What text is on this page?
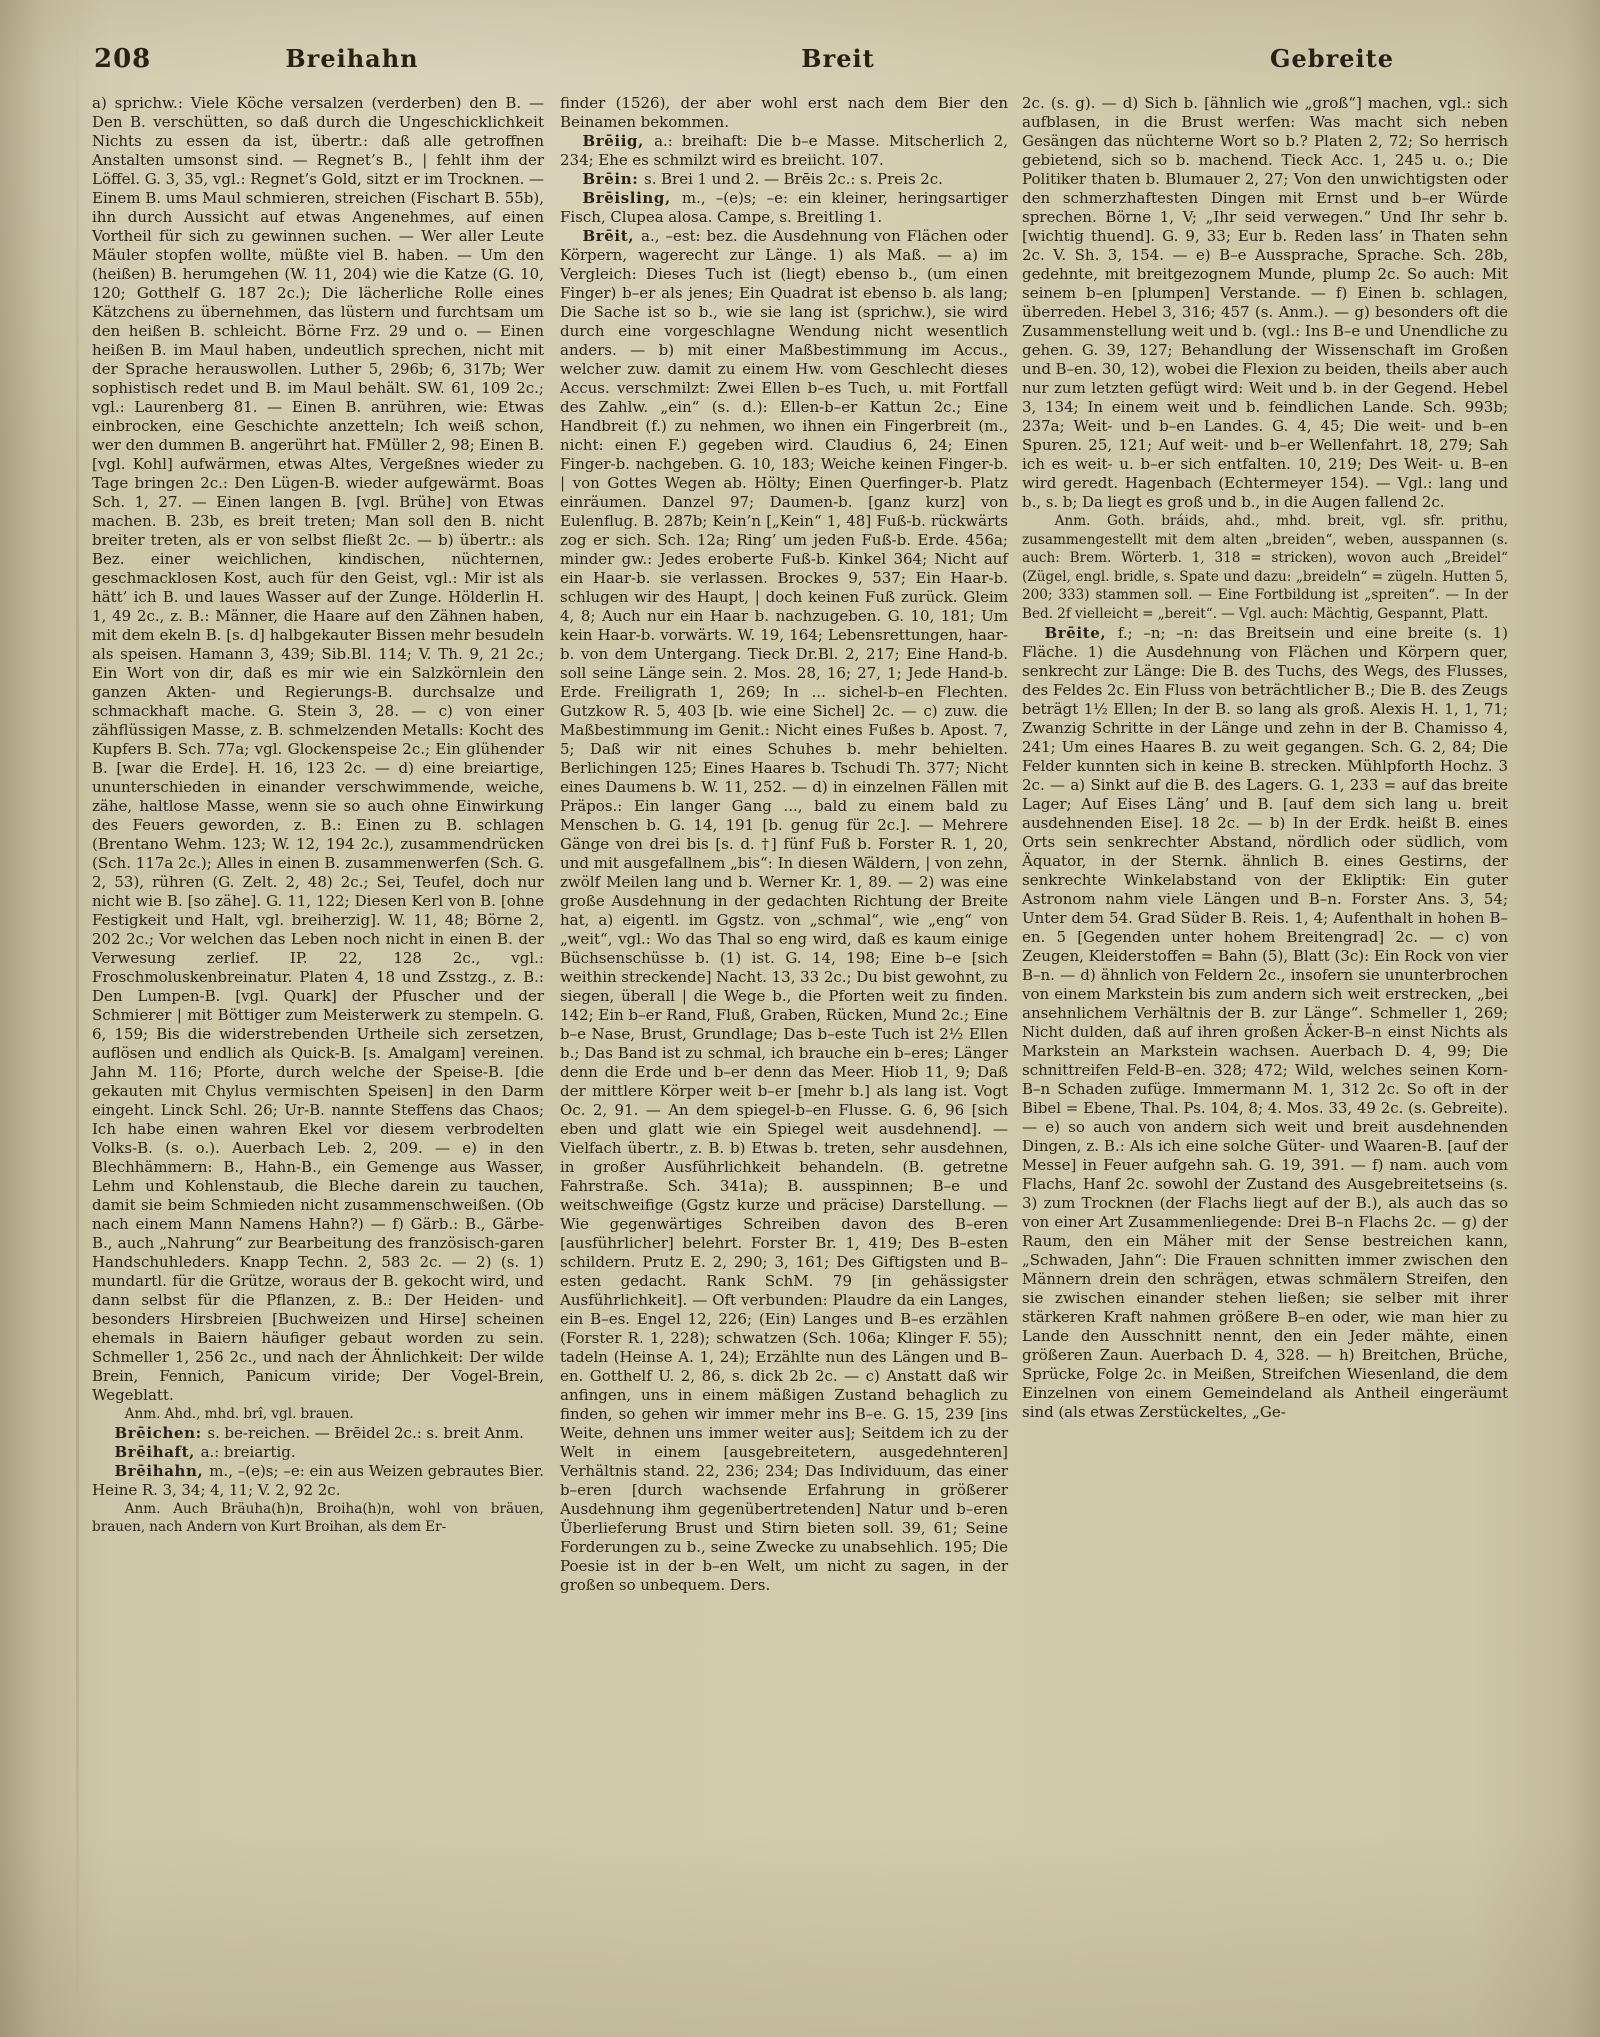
208	Breihahn	Breit	Gebreite

a) sprichw.: Viele Köche versalzen (verderben) den B. — Den B. verschütten, so daß durch die Ungeschicklichkeit Nichts zu essen da ist, übertr.: daß alle getroffnen Anstalten umsonst sind. — Regnet’s B., | fehlt ihm der Löffel. G. 3, 35, vgl.: Regnet’s Gold, sitzt er im Trocknen. — Einem B. ums Maul schmieren, streichen (Fischart B. 55b), ihn durch Aussicht auf etwas Angenehmes, auf einen Vortheil für sich zu gewinnen suchen. — Wer aller Leute Mäuler stopfen wollte, müßte viel B. haben. — Um den (heißen) B. herumgehen (W. 11, 204) wie die Katze (G. 10, 120; Gotthelf G. 187 2c.); Die lächerliche Rolle eines Kätzchens zu übernehmen, das lüstern und furchtsam um den heißen B. schleicht. Börne Frz. 29 und o. — Einen heißen B. im Maul haben, undeutlich sprechen, nicht mit der Sprache herauswollen. Luther 5, 296b; 6, 317b; Wer sophistisch redet und B. im Maul behält. SW. 61, 109 2c.; vgl.: Laurenberg 81. — Einen B. anrühren, wie: Etwas einbrocken, eine Geschichte anzetteln; Ich weiß schon, wer den dummen B. angerührt hat. FMüller 2, 98; Einen B. [vgl. Kohl] aufwärmen, etwas Altes, Vergeßnes wieder zu Tage bringen 2c.: Den Lügen-B. wieder aufgewärmt. Boas Sch. 1, 27. — Einen langen B. [vgl. Brühe] von Etwas machen. B. 23b, es breit treten; Man soll den B. nicht breiter treten, als er von selbst fließt 2c. — b) übertr.: als Bez. einer weichlichen, kindischen, nüchternen, geschmacklosen Kost, auch für den Geist, vgl.: Mir ist als hätt’ ich B. und laues Wasser auf der Zunge. Hölderlin H. 1, 49 2c., z. B.: Männer, die Haare auf den Zähnen haben, mit dem ekeln B. [s. d] halbgekauter Bissen mehr besudeln als speisen. Hamann 3, 439; Sib.Bl. 114; V. Th. 9, 21 2c.; Ein Wort von dir, daß es mir wie ein Salzkörnlein den ganzen Akten- und Regierungs-B. durchsalze und schmackhaft mache. G. Stein 3, 28. — c) von einer zähflüssigen Masse, z. B. schmelzenden Metalls: Kocht des Kupfers B. Sch. 77a; vgl. Glockenspeise 2c.; Ein glühender B. [war die Erde]. H. 16, 123 2c. — d) eine breiartige, ununterschieden in einander verschwimmende, weiche, zähe, haltlose Masse, wenn sie so auch ohne Einwirkung des Feuers geworden, z. B.: Einen zu B. schlagen (Brentano Wehm. 123; W. 12, 194 2c.), zusammendrücken (Sch. 117a 2c.); Alles in einen B. zusammenwerfen (Sch. G. 2, 53), rühren (G. Zelt. 2, 48) 2c.; Sei, Teufel, doch nur nicht wie B. [so zähe]. G. 11, 122; Diesen Kerl von B. [ohne Festigkeit und Halt, vgl. breiherzig]. W. 11, 48; Börne 2, 202 2c.; Vor welchen das Leben noch nicht in einen B. der Verwesung zerlief. IP. 22, 128 2c., vgl.: Froschmoluskenbreinatur. Platen 4, 18 und Zsstzg., z. B.: Den Lumpen-B. [vgl. Quark] der Pfuscher und der Schmierer | mit Böttiger zum Meisterwerk zu stempeln. G. 6, 159; Bis die widerstrebenden Urtheile sich zersetzen, auflösen und endlich als Quick-B. [s. Amalgam] vereinen. Jahn M. 116; Pforte, durch welche der Speise-B. [die gekauten mit Chylus vermischten Speisen] in den Darm eingeht. Linck Schl. 26; Ur-B. nannte Steffens das Chaos; Ich habe einen wahren Ekel vor diesem verbrodelten Volks-B. (s. o.). Auerbach Leb. 2, 209. — e) in den Blechhämmern: B., Hahn-B., ein Gemenge aus Wasser, Lehm und Kohlenstaub, die Bleche darein zu tauchen, damit sie beim Schmieden nicht zusammenschweißen. (Ob nach einem Mann Namens Hahn?) — f) Gärb.: B., Gärbe-B., auch „Nahrung“ zur Bearbeitung des französisch-garen Handschuhleders. Knapp Techn. 2, 583 2c. — 2) (s. 1) mundartl. für die Grütze, woraus der B. gekocht wird, und dann selbst für die Pflanzen, z. B.: Der Heiden- und besonders Hirsbreien [Buchweizen und Hirse] scheinen ehemals in Baiern häufiger gebaut worden zu sein. Schmeller 1, 256 2c., und nach der Ähnlichkeit: Der wilde Brein, Fennich, Panicum viride; Der Vogel-Brein, Wegeblatt.

Anm. Ahd., mhd. brî, vgl. brauen.

Brēichen: s. be-reichen. — Brēidel 2c.: s. breit Anm.

Brēihaft, a.: breiartig.

Brēihahn, m., –(e)s; –e: ein aus Weizen gebrautes Bier. Heine R. 3, 34; 4, 11; V. 2, 92 2c.

Anm. Auch Bräuha(h)n, Broiha(h)n, wohl von bräuen, brauen, nach Andern von Kurt Broihan, als dem Er-

finder (1526), der aber wohl erst nach dem Bier den Beinamen bekommen.

Brēiig, a.: breihaft: Die b–e Masse. Mitscherlich 2, 234; Ehe es schmilzt wird es breiicht. 107.

Brēin: s. Brei 1 und 2. — Brēis 2c.: s. Preis 2c.

Brēisling, m., –(e)s; –e: ein kleiner, heringsartiger Fisch, Clupea alosa. Campe, s. Breitling 1.

Brēit, a., –est: bez. die Ausdehnung von Flächen oder Körpern, wagerecht zur Länge. 1) als Maß. — a) im Vergleich: Dieses Tuch ist (liegt) ebenso b., (um einen Finger) b–er als jenes; Ein Quadrat ist ebenso b. als lang; Die Sache ist so b., wie sie lang ist (sprichw.), sie wird durch eine vorgeschlagne Wendung nicht wesentlich anders. — b) mit einer Maßbestimmung im Accus., welcher zuw. damit zu einem Hw. vom Geschlecht dieses Accus. verschmilzt: Zwei Ellen b–es Tuch, u. mit Fortfall des Zahlw. „ein“ (s. d.): Ellen-b–er Kattun 2c.; Eine Handbreit (f.) zu nehmen, wo ihnen ein Fingerbreit (m., nicht: einen F.) gegeben wird. Claudius 6, 24; Einen Finger-b. nachgeben. G. 10, 183; Weiche keinen Finger-b. | von Gottes Wegen ab. Hölty; Einen Querfinger-b. Platz einräumen. Danzel 97; Daumen-b. [ganz kurz] von Eulenflug. B. 287b; Kein’n [„Kein“ 1, 48] Fuß-b. rückwärts zog er sich. Sch. 12a; Ring’ um jeden Fuß-b. Erde. 456a; minder gw.: Jedes eroberte Fuß-b. Kinkel 364; Nicht auf ein Haar-b. sie verlassen. Brockes 9, 537; Ein Haar-b. schlugen wir des Haupt, | doch keinen Fuß zurück. Gleim 4, 8; Auch nur ein Haar b. nachzugeben. G. 10, 181; Um kein Haar-b. vorwärts. W. 19, 164; Lebensrettungen, haar-b. von dem Untergang. Tieck Dr.Bl. 2, 217; Eine Hand-b. soll seine Länge sein. 2. Mos. 28, 16; 27, 1; Jede Hand-b. Erde. Freiligrath 1, 269; In ... sichel-b–en Flechten. Gutzkow R. 5, 403 [b. wie eine Sichel] 2c. — c) zuw. die Maßbestimmung im Genit.: Nicht eines Fußes b. Apost. 7, 5; Daß wir nit eines Schuhes b. mehr behielten. Berlichingen 125; Eines Haares b. Tschudi Th. 377; Nicht eines Daumens b. W. 11, 252. — d) in einzelnen Fällen mit Präpos.: Ein langer Gang ..., bald zu einem bald zu Menschen b. G. 14, 191 [b. genug für 2c.]. — Mehrere Gänge von drei bis [s. d. †] fünf Fuß b. Forster R. 1, 20, und mit ausgefallnem „bis“: In diesen Wäldern, | von zehn, zwölf Meilen lang und b. Werner Kr. 1, 89. — 2) was eine große Ausdehnung in der gedachten Richtung der Breite hat, a) eigentl. im Ggstz. von „schmal“, wie „eng“ von „weit“, vgl.: Wo das Thal so eng wird, daß es kaum einige Büchsenschüsse b. (1) ist. G. 14, 198; Eine b–e [sich weithin streckende] Nacht. 13, 33 2c.; Du bist gewohnt, zu siegen, überall | die Wege b., die Pforten weit zu finden. 142; Ein b–er Rand, Fluß, Graben, Rücken, Mund 2c.; Eine b–e Nase, Brust, Grundlage; Das b–este Tuch ist 2½ Ellen b.; Das Band ist zu schmal, ich brauche ein b–eres; Länger denn die Erde und b–er denn das Meer. Hiob 11, 9; Daß der mittlere Körper weit b–er [mehr b.] als lang ist. Vogt Oc. 2, 91. — An dem spiegel-b–en Flusse. G. 6, 96 [sich eben und glatt wie ein Spiegel weit ausdehnend]. — Vielfach übertr., z. B. b) Etwas b. treten, sehr ausdehnen, in großer Ausführlichkeit behandeln. (B. getretne Fahrstraße. Sch. 341a); B. ausspinnen; B–e und weitschweifige (Ggstz kurze und präcise) Darstellung. — Wie gegenwärtiges Schreiben davon des B–eren [ausführlicher] belehrt. Forster Br. 1, 419; Des B–esten schildern. Prutz E. 2, 290; 3, 161; Des Giftigsten und B–esten gedacht. Rank SchM. 79 [in gehässigster Ausführlichkeit]. — Oft verbunden: Plaudre da ein Langes, ein B–es. Engel 12, 226; (Ein) Langes und B–es erzählen (Forster R. 1, 228); schwatzen (Sch. 106a; Klinger F. 55); tadeln (Heinse A. 1, 24); Erzählte nun des Längen und B–en. Gotthelf U. 2, 86, s. dick 2b 2c. — c) Anstatt daß wir anfingen, uns in einem mäßigen Zustand behaglich zu finden, so gehen wir immer mehr ins B–e. G. 15, 239 [ins Weite, dehnen uns immer weiter aus]; Seitdem ich zu der Welt in einem [ausgebreitetern, ausgedehnteren] Verhältnis stand. 22, 236; 234; Das Individuum, das einer b–eren [durch wachsende Erfahrung in größerer Ausdehnung ihm gegenübertretenden] Natur und b–eren Überlieferung Brust und Stirn bieten soll. 39, 61; Seine Forderungen zu b., seine Zwecke zu unabsehlich. 195; Die Poesie ist in der b–en Welt, um nicht zu sagen, in der großen so unbequem. Ders.

2c. (s. g). — d) Sich b. [ähnlich wie „groß“] machen, vgl.: sich aufblasen, in die Brust werfen: Was macht sich neben Gesängen das nüchterne Wort so b.? Platen 2, 72; So herrisch gebietend, sich so b. machend. Tieck Acc. 1, 245 u. o.; Die Politiker thaten b. Blumauer 2, 27; Von den unwichtigsten oder den schmerzhaftesten Dingen mit Ernst und b–er Würde sprechen. Börne 1, V; „Ihr seid verwegen.“ Und Ihr sehr b. [wichtig thuend]. G. 9, 33; Eur b. Reden lass’ in Thaten sehn 2c. V. Sh. 3, 154. — e) B–e Aussprache, Sprache. Sch. 28b, gedehnte, mit breitgezognem Munde, plump 2c. So auch: Mit seinem b–en [plumpen] Verstande. — f) Einen b. schlagen, überreden. Hebel 3, 316; 457 (s. Anm.). — g) besonders oft die Zusammenstellung weit und b. (vgl.: Ins B–e und Unendliche zu gehen. G. 39, 127; Behandlung der Wissenschaft im Großen und B–en. 30, 12), wobei die Flexion zu beiden, theils aber auch nur zum letzten gefügt wird: Weit und b. in der Gegend. Hebel 3, 134; In einem weit und b. feindlichen Lande. Sch. 993b; 237a; Weit- und b–en Landes. G. 4, 45; Die weit- und b–en Spuren. 25, 121; Auf weit- und b–er Wellenfahrt. 18, 279; Sah ich es weit- u. b–er sich entfalten. 10, 219; Des Weit- u. B–en wird geredt. Hagenbach (Echtermeyer 154). — Vgl.: lang und b., s. b; Da liegt es groß und b., in die Augen fallend 2c.

Anm. Goth. bráids, ahd., mhd. breit, vgl. sfr. prithu, zusammengestellt mit dem alten „breiden“, weben, ausspannen (s. auch: Brem. Wörterb. 1, 318 = stricken), wovon auch „Breidel“ (Zügel, engl. bridle, s. Spate und dazu: „breideln“ = zügeln. Hutten 5, 200; 333) stammen soll. — Eine Fortbildung ist „spreiten“. — In der Bed. 2f vielleicht = „bereit“. — Vgl. auch: Mächtig, Gespannt, Platt.

Brēite, f.; –n; –n: das Breitsein und eine breite (s. 1) Fläche. 1) die Ausdehnung von Flächen und Körpern quer, senkrecht zur Länge: Die B. des Tuchs, des Wegs, des Flusses, des Feldes 2c. Ein Fluss von beträchtlicher B.; Die B. des Zeugs beträgt 1½ Ellen; In der B. so lang als groß. Alexis H. 1, 1, 71; Zwanzig Schritte in der Länge und zehn in der B. Chamisso 4, 241; Um eines Haares B. zu weit gegangen. Sch. G. 2, 84; Die Felder kunnten sich in keine B. strecken. Mühlpforth Hochz. 3 2c. — a) Sinkt auf die B. des Lagers. G. 1, 233 = auf das breite Lager; Auf Eises Läng’ und B. [auf dem sich lang u. breit ausdehnenden Eise]. 18 2c. — b) In der Erdk. heißt B. eines Orts sein senkrechter Abstand, nördlich oder südlich, vom Äquator, in der Sternk. ähnlich B. eines Gestirns, der senkrechte Winkelabstand von der Ekliptik: Ein guter Astronom nahm viele Längen und B–n. Forster Ans. 3, 54; Unter dem 54. Grad Süder B. Reis. 1, 4; Aufenthalt in hohen B–en. 5 [Gegenden unter hohem Breitengrad] 2c. — c) von Zeugen, Kleiderstoffen = Bahn (5), Blatt (3c): Ein Rock von vier B–n. — d) ähnlich von Feldern 2c., insofern sie ununterbrochen von einem Markstein bis zum andern sich weit erstrecken, „bei ansehnlichem Verhältnis der B. zur Länge“. Schmeller 1, 269; Nicht dulden, daß auf ihren großen Äcker-B–n einst Nichts als Markstein an Markstein wachsen. Auerbach D. 4, 99; Die schnittreifen Feld-B–en. 328; 472; Wild, welches seinen Korn-B–n Schaden zufüge. Immermann M. 1, 312 2c. So oft in der Bibel = Ebene, Thal. Ps. 104, 8; 4. Mos. 33, 49 2c. (s. Gebreite). — e) so auch von andern sich weit und breit ausdehnenden Dingen, z. B.: Als ich eine solche Güter- und Waaren-B. [auf der Messe] in Feuer aufgehn sah. G. 19, 391. — f) nam. auch vom Flachs, Hanf 2c. sowohl der Zustand des Ausgebreitetseins (s. 3) zum Trocknen (der Flachs liegt auf der B.), als auch das so von einer Art Zusammenliegende: Drei B–n Flachs 2c. — g) der Raum, den ein Mäher mit der Sense bestreichen kann, „Schwaden, Jahn“: Die Frauen schnitten immer zwischen den Männern drein den schrägen, etwas schmälern Streifen, den sie zwischen einander stehen ließen; sie selber mit ihrer stärkeren Kraft nahmen größere B–en oder, wie man hier zu Lande den Ausschnitt nennt, den ein Jeder mähte, einen größeren Zaun. Auerbach D. 4, 328. — h) Breitchen, Brüche, Sprücke, Folge 2c. in Meißen, Streifchen Wiesenland, die dem Einzelnen von einem Gemeindeland als Antheil eingeräumt sind (als etwas Zerstückeltes, „Ge-
